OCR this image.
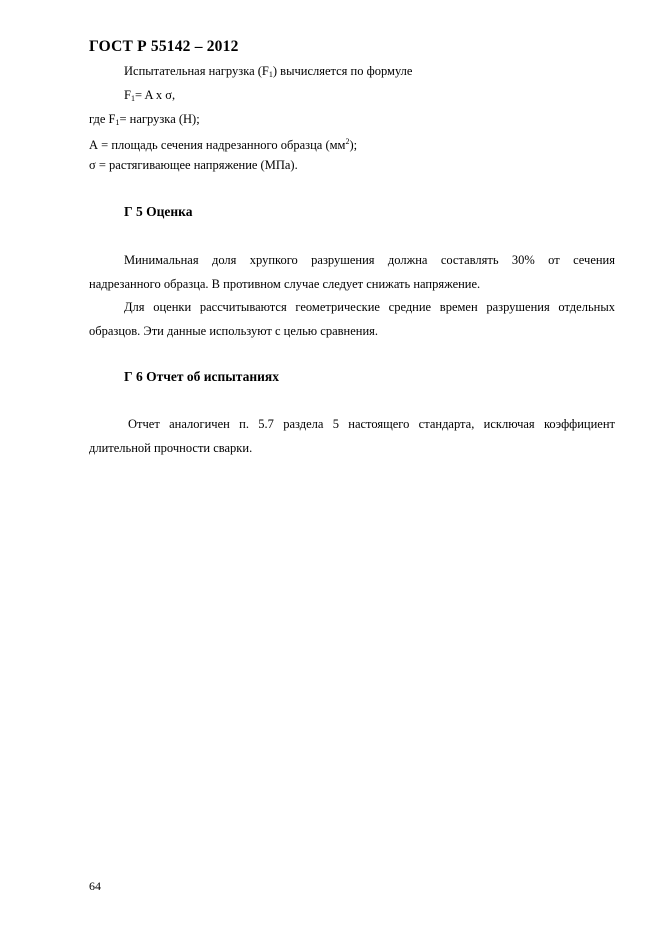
ГОСТ Р 55142 – 2012
Испытательная нагрузка $(F_1)$ вычисляется по формуле
$F_1= A$ x σ,
где $F_1=$ нагрузка (Н);
А = площадь сечения надрезанного образца $(мм^2)$;
σ = растягивающее напряжение (МПа).
Г 5 Оценка
Минимальная доля хрупкого разрушения должна составлять 30% от сечения
надрезанного образца. В противном случае следует снижать напряжение.
Для оценки рассчитываются геометрические средние времен разрушения отдельных
образцов. Эти данные используют с целью сравнения.
Г 6 Отчет об испытаниях
Отчет аналогичен п. 5.7 раздела 5 настоящего стандарта, исключая коэффициент
длительной прочности сварки.
64
